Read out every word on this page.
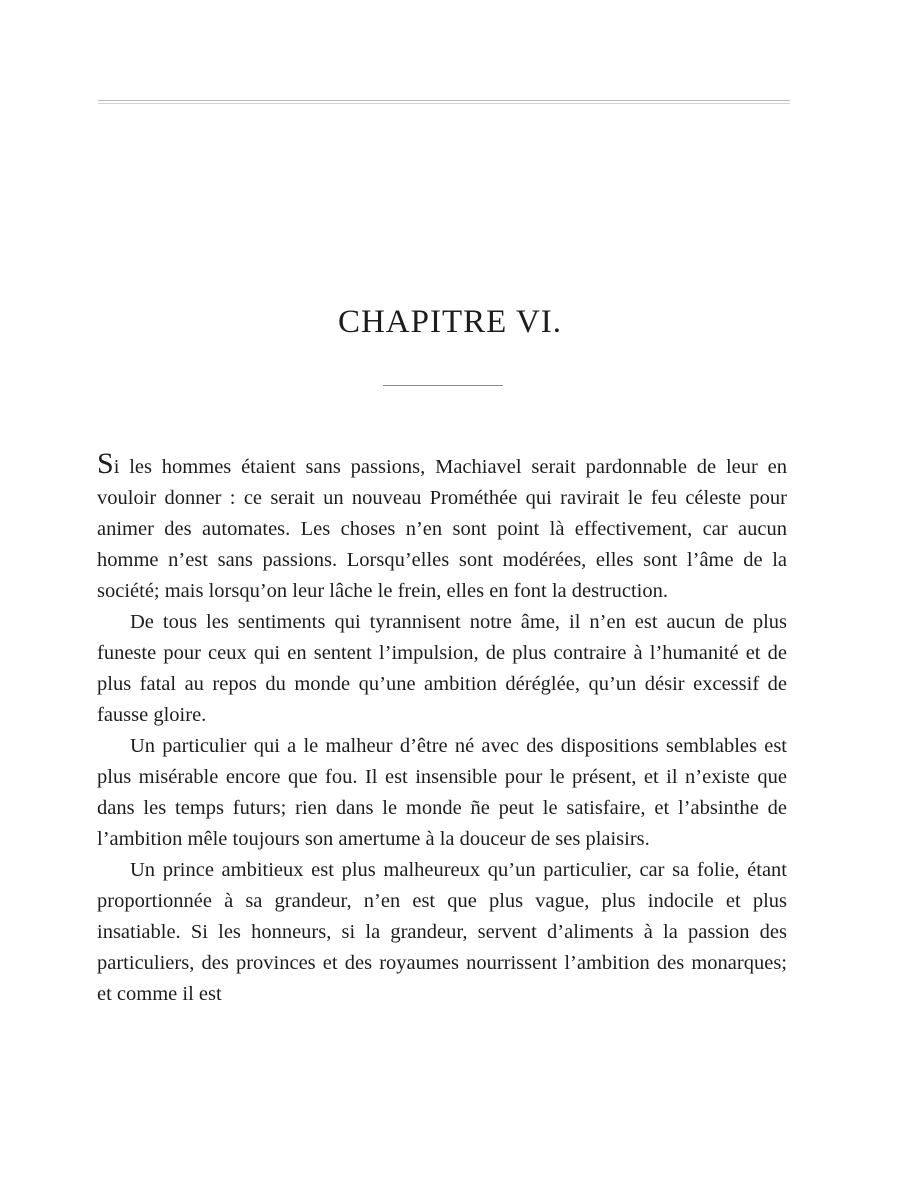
CHAPITRE VI.

Si les hommes étaient sans passions, Machiavel serait pardonnable de leur en vouloir donner : ce serait un nouveau Prométhée qui ravirait le feu céleste pour animer des automates. Les choses n’en sont point là effectivement, car aucun homme n’est sans passions. Lorsqu’elles sont modérées, elles sont l’âme de la société; mais lorsqu’on leur lâche le frein, elles en font la destruction.

De tous les sentiments qui tyrannisent notre âme, il n’en est aucun de plus funeste pour ceux qui en sentent l’impulsion, de plus contraire à l’humanité et de plus fatal au repos du monde qu’une ambition déréglée, qu’un désir excessif de fausse gloire.

Un particulier qui a le malheur d’être né avec des dispositions semblables est plus misérable encore que fou. Il est insensible pour le présent, et il n’existe que dans les temps futurs; rien dans le monde ñe peut le satisfaire, et l’absinthe de l’ambition mêle toujours son amertume à la douceur de ses plaisirs.

Un prince ambitieux est plus malheureux qu’un particulier, car sa folie, étant proportionnée à sa grandeur, n’en est que plus vague, plus indocile et plus insatiable. Si les honneurs, si la grandeur, servent d’aliments à la passion des particuliers, des provinces et des royaumes nourrissent l’ambition des monarques; et comme il est
